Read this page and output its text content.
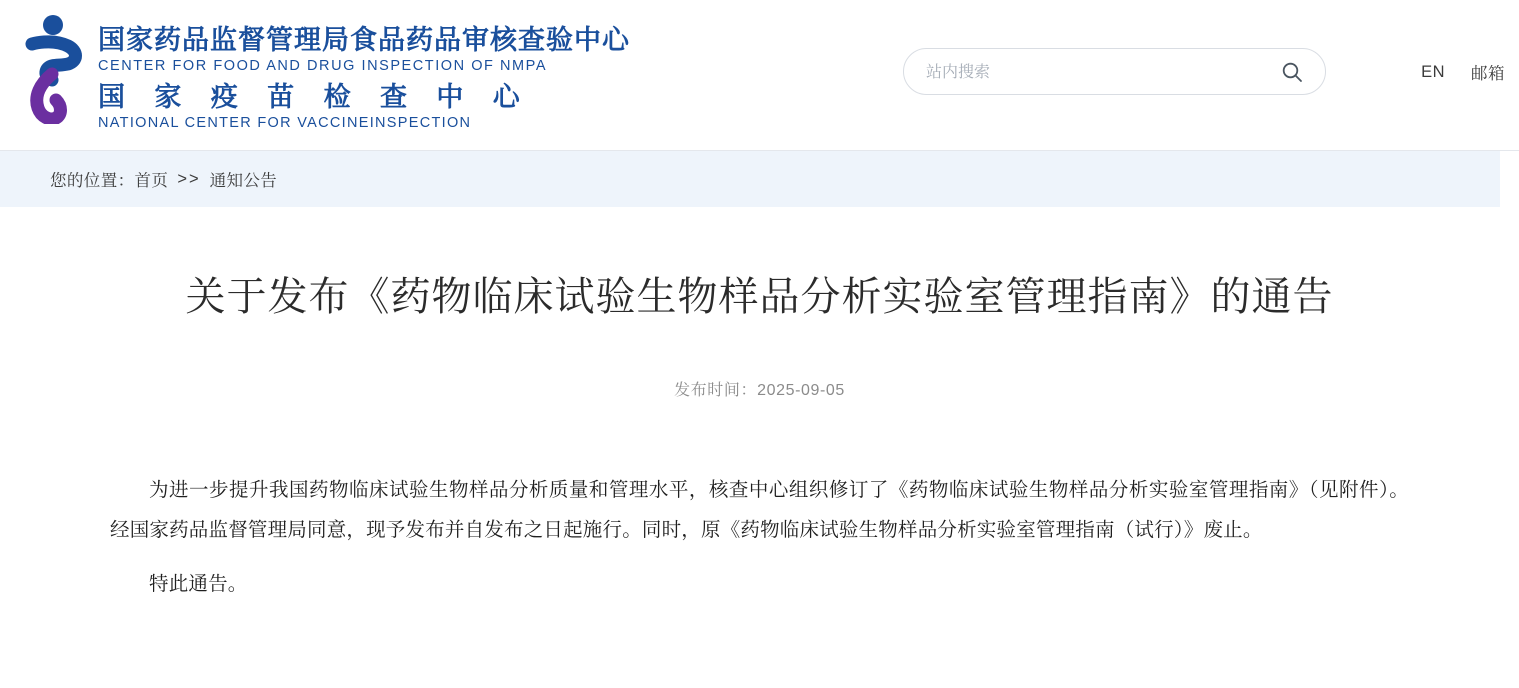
国家药品监督管理局食品药品审核查验中心
CENTER FOR FOOD AND DRUG INSPECTION OF NMPA
国 家 疫 苗 检 查 中 心
NATIONAL CENTER FOR VACCINEINSPECTION
站内搜索
EN 邮箱
您的位置： 首页 >> 通知公告
关于发布《药物临床试验生物样品分析实验室管理指南》的通告
发布时间：2025-09-05

为进一步提升我国药物临床试验生物样品分析质量和管理水平，核查中心组织修订了《药物临床试验生物样品分析实验室管理指南》（见附件）。经国家药品监督管理局同意，现予发布并自发布之日起施行。同时，原《药物临床试验生物样品分析实验室管理指南（试行）》废止。

特此通告。
